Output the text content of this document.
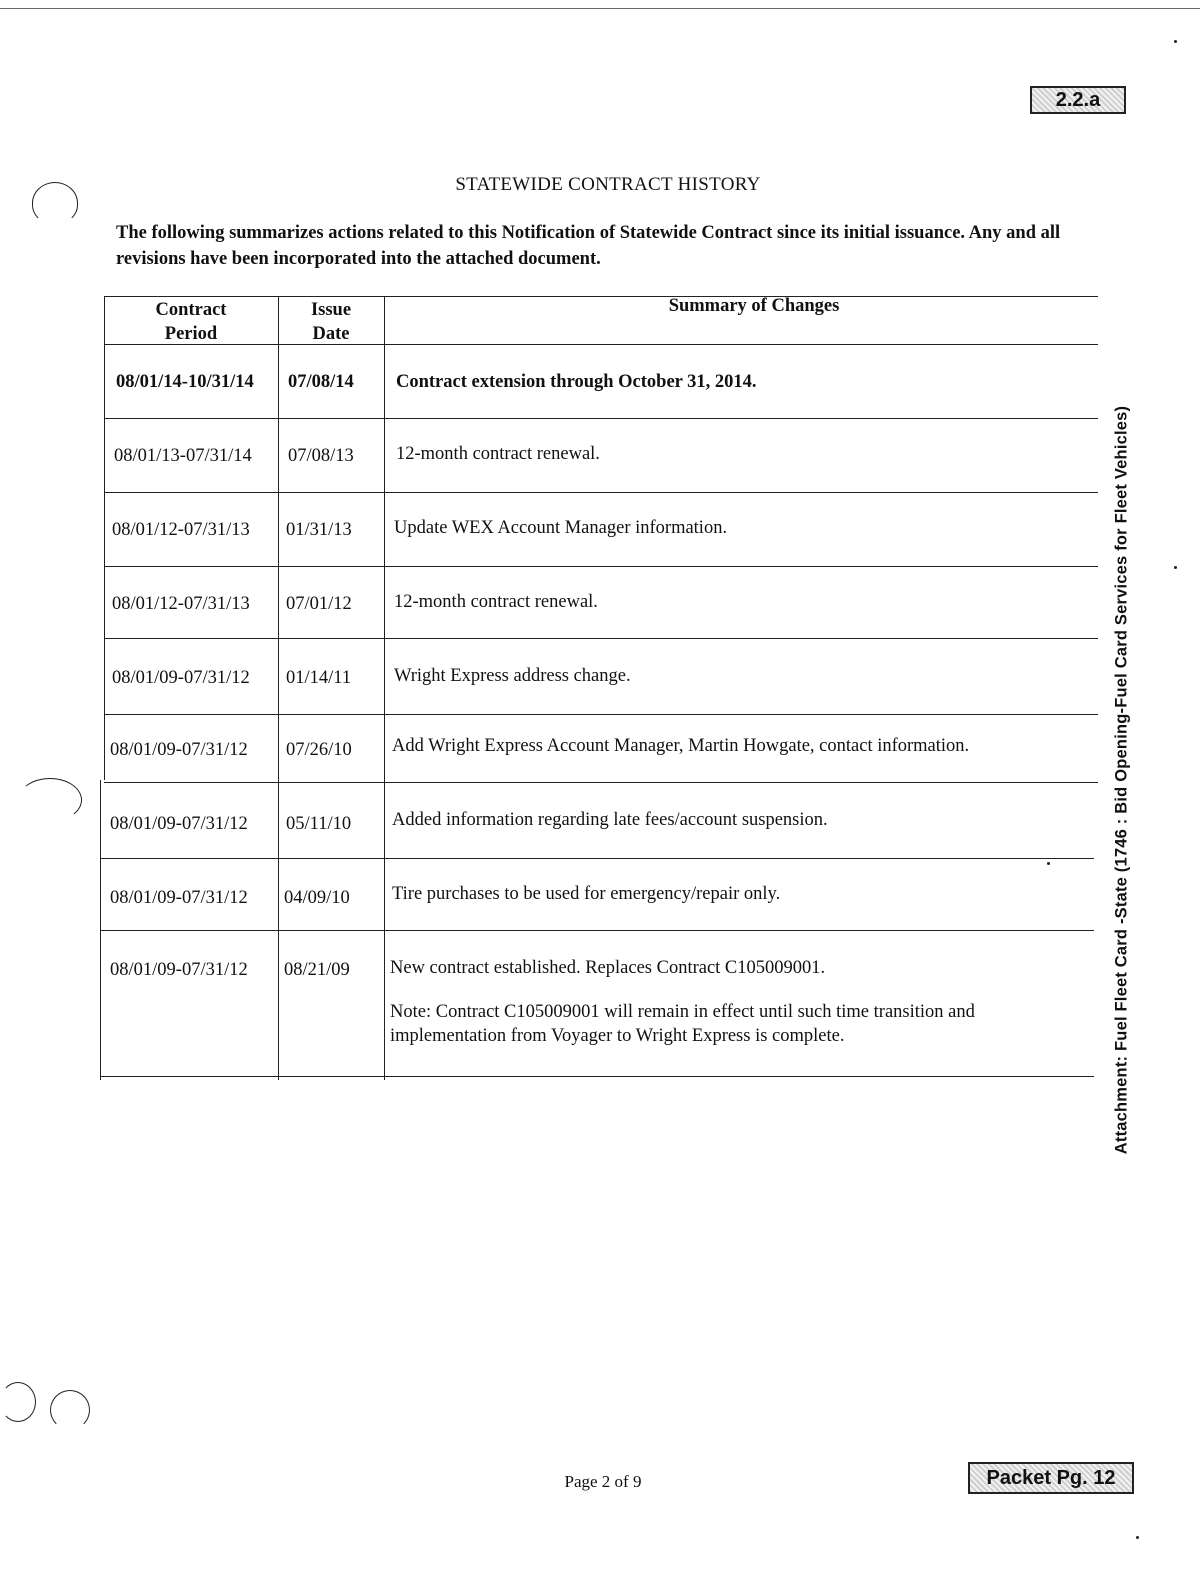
2.2.a
STATEWIDE CONTRACT HISTORY
The following summarizes actions related to this Notification of Statewide Contract since its initial issuance. Any and all revisions have been incorporated into the attached document.
Contract
Period
Issue
Date
Summary of Changes
08/01/14-10/31/14 07/08/14 Contract extension through October 31, 2014.
08/01/13-07/31/14 07/08/13 12-month contract renewal.
08/01/12-07/31/13 01/31/13 Update WEX Account Manager information.
08/01/12-07/31/13 07/01/12 12-month contract renewal.
08/01/09-07/31/12 01/14/11 Wright Express address change.
08/01/09-07/31/12 07/26/10 Add Wright Express Account Manager, Martin Howgate, contact information.
08/01/09-07/31/12 05/11/10 Added information regarding late fees/account suspension.
08/01/09-07/31/12 04/09/10 Tire purchases to be used for emergency/repair only.
08/01/09-07/31/12 08/21/09 New contract established. Replaces Contract C105009001.
Note: Contract C105009001 will remain in effect until such time transition and implementation from Voyager to Wright Express is complete.	Attachment: Fuel Fleet Card -State (1746 : Bid Opening-Fuel Card Services for Fleet Vehicles)
Page 2 of 9	Packet Pg. 12
